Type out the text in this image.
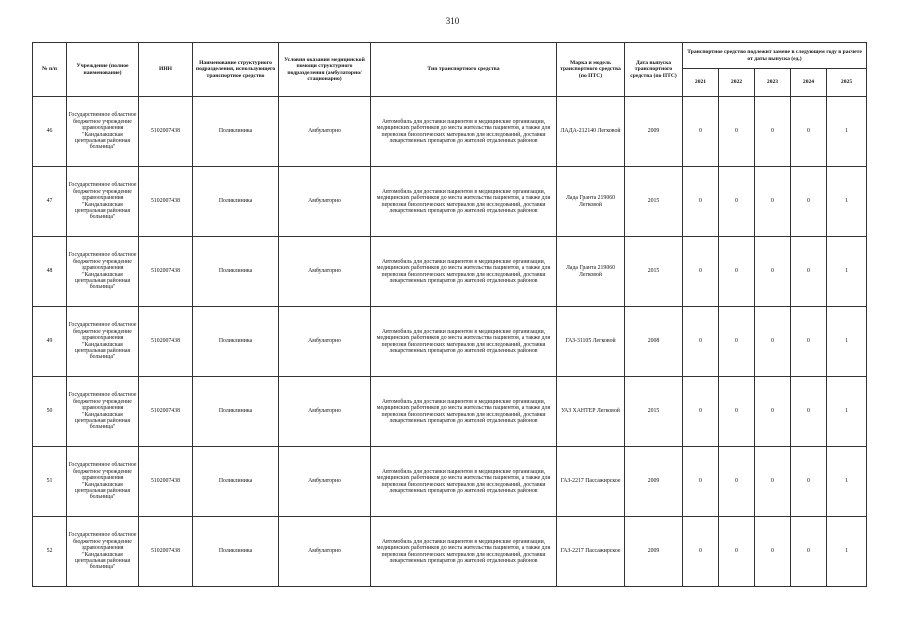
310
№ п/п	Учреждение (полное наименование)	ИНН	Наименование структурного подразделения, использующего транспортное средство	Условия оказания медицинской помощи структурного подразделения (амбулаторно/стационарно)	Тип транспортного средства	Марка и модель транспортного средства (по ПТС)	Дата выпуска транспортного средства (по ПТС)	Транспортное средство подлежит замене в следующем году в расчете от даты выпуска (ед.)				
								2021	2022	2023	2024	2025
46	Государственное областное бюджетное учреждение здравоохранения "Кандалакшская центральная районная больница"	5102007438	Поликлиника	Амбулаторно	Автомобиль для доставки пациентов в медицинские организации, медицинских работников до места жительства пациентов, а также для перевозки биологических материалов для исследований, доставки лекарственных препаратов до жителей отдаленных районов	ЛАДА-212140 Легковой	2009	0	0	0	0	1
47	Государственное областное бюджетное учреждение здравоохранения "Кандалакшская центральная районная больница"	5102007438	Поликлиника	Амбулаторно	Автомобиль для доставки пациентов в медицинские организации, медицинских работников до места жительства пациентов, а также для перевозки биологических материалов для исследований, доставки лекарственных препаратов до жителей отдаленных районов	Лада Гранта 219060 Легковой	2015	0	0	0	0	1
48	Государственное областное бюджетное учреждение здравоохранения "Кандалакшская центральная районная больница"	5102007438	Поликлиника	Амбулаторно	Автомобиль для доставки пациентов в медицинские организации, медицинских работников до места жительства пациентов, а также для перевозки биологических материалов для исследований, доставки лекарственных препаратов до жителей отдаленных районов	Лада Гранта 219060 Легковой	2015	0	0	0	0	1
49	Государственное областное бюджетное учреждение здравоохранения "Кандалакшская центральная районная больница"	5102007438	Поликлиника	Амбулаторно	Автомобиль для доставки пациентов в медицинские организации, медицинских работников до места жительства пациентов, а также для перевозки биологических материалов для исследований, доставки лекарственных препаратов до жителей отдаленных районов	ГАЗ-31105 Легковой	2008	0	0	0	0	1
50	Государственное областное бюджетное учреждение здравоохранения "Кандалакшская центральная районная больница"	5102007438	Поликлиника	Амбулаторно	Автомобиль для доставки пациентов в медицинские организации, медицинских работников до места жительства пациентов, а также для перевозки биологических материалов для исследований, доставки лекарственных препаратов до жителей отдаленных районов	УАЗ ХАНТЕР Легковой	2015	0	0	0	0	1
51	Государственное областное бюджетное учреждение здравоохранения "Кандалакшская центральная районная больница"	5102007438	Поликлиника	Амбулаторно	Автомобиль для доставки пациентов в медицинские организации, медицинских работников до места жительства пациентов, а также для перевозки биологических материалов для исследований, доставки лекарственных препаратов до жителей отдаленных районов	ГАЗ-2217 Пассажирское	2009	0	0	0	0	1
52	Государственное областное бюджетное учреждение здравоохранения "Кандалакшская центральная районная больница"	5102007438	Поликлиника	Амбулаторно	Автомобиль для доставки пациентов в медицинские организации, медицинских работников до места жительства пациентов, а также для перевозки биологических материалов для исследований, доставки лекарственных препаратов до жителей отдаленных районов	ГАЗ-2217 Пассажирское	2009	0	0	0	0	1
